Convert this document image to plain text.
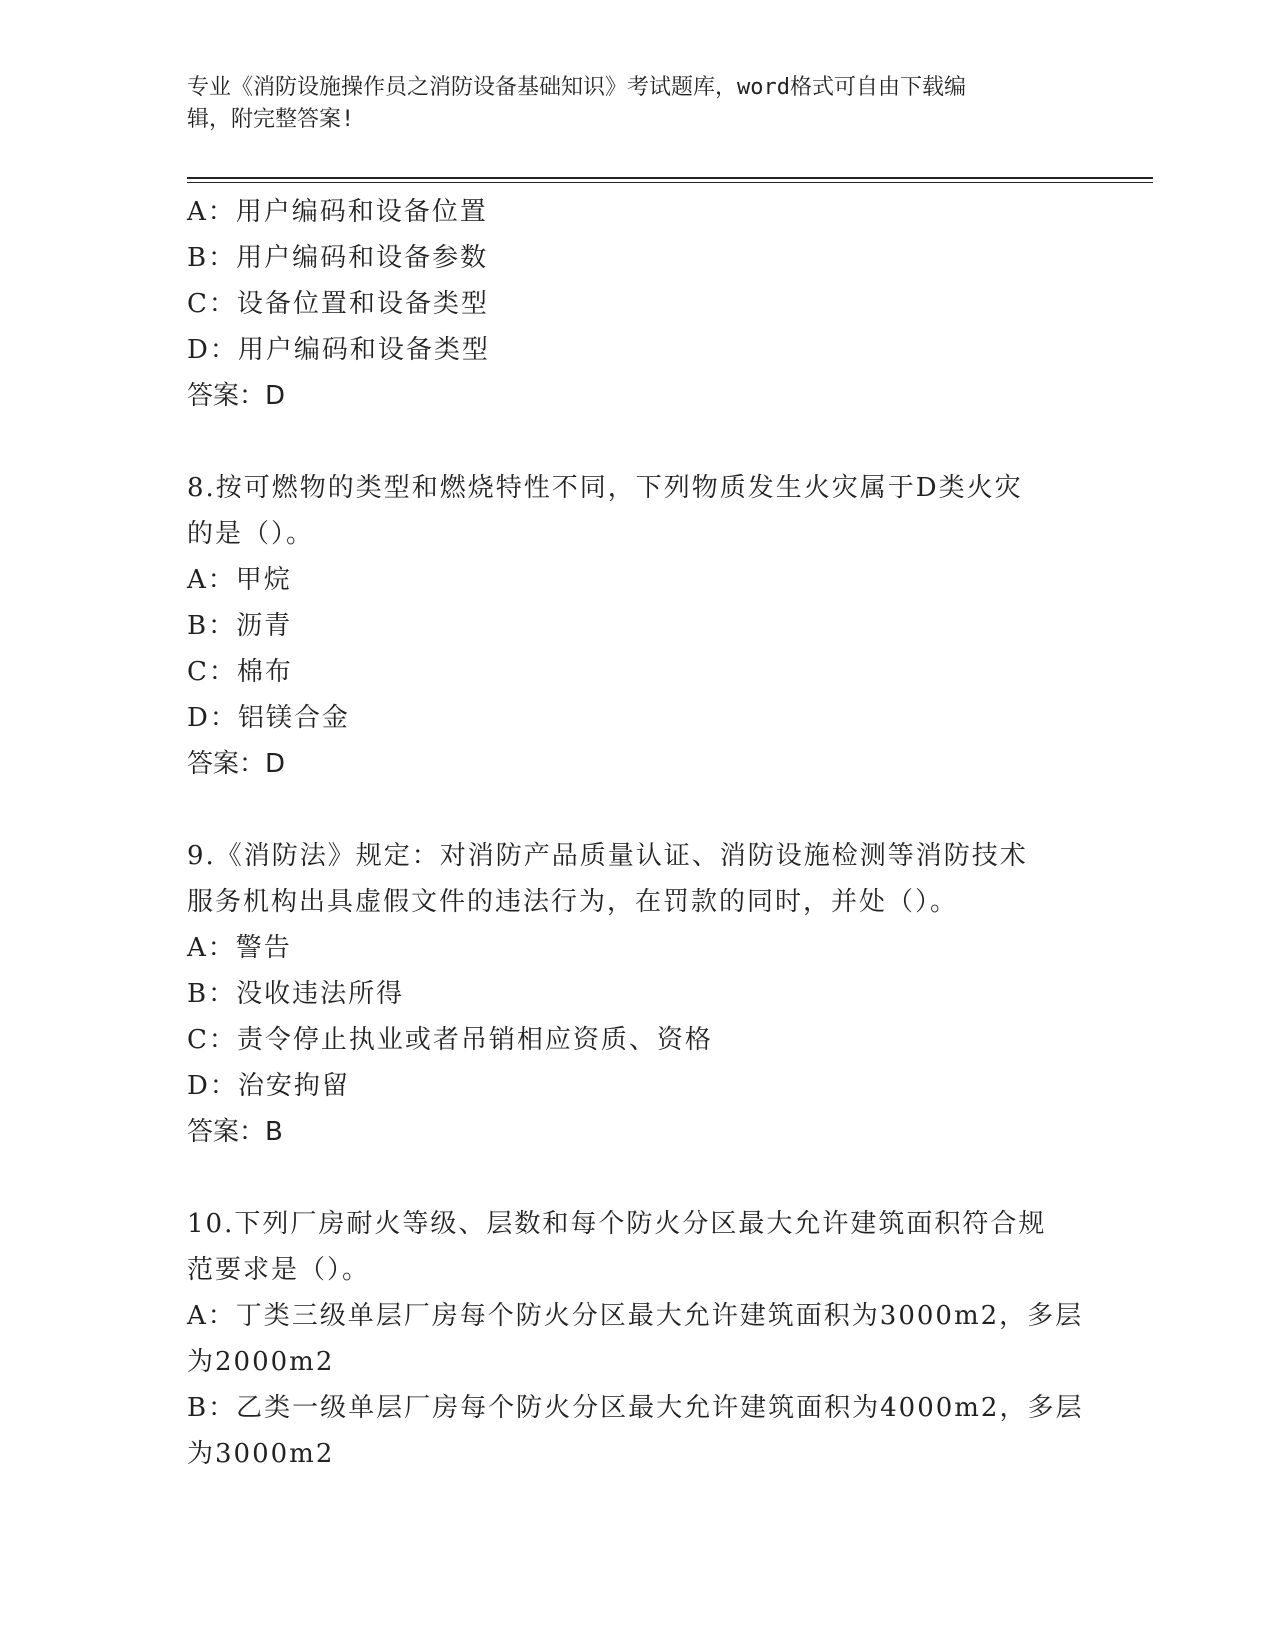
专业《消防设施操作员之消防设备基础知识》考试题库，word格式可自由下载编
辑，附完整答案!
A：用户编码和设备位置
B：用户编码和设备参数
C：设备位置和设备类型
D：用户编码和设备类型
答案：D
8.按可燃物的类型和燃烧特性不同，下列物质发生火灾属于D类火灾
的是（）。
A：甲烷
B：沥青
C：棉布
D：铝镁合金
答案：D
9.《消防法》规定：对消防产品质量认证、消防设施检测等消防技术
服务机构出具虚假文件的违法行为，在罚款的同时，并处（）。
A：警告
B：没收违法所得
C：责令停止执业或者吊销相应资质、资格
D：治安拘留
答案：B
10.下列厂房耐火等级、层数和每个防火分区最大允许建筑面积符合规
范要求是（）。
A：丁类三级单层厂房每个防火分区最大允许建筑面积为3000m2，多层
为2000m2
B：乙类一级单层厂房每个防火分区最大允许建筑面积为4000m2，多层
为3000m2
